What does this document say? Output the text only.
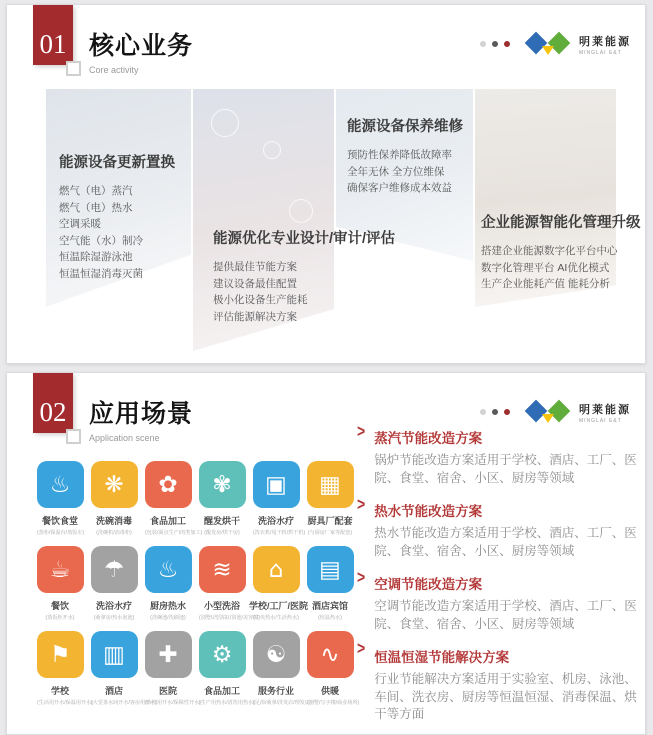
01 核心业务
Core activity
明莱能源
MINGLAI E&T
能源设备更新置换
燃气（电）蒸汽
燃气（电）热水
空调采暖
空气能（水）制冷
恒温除湿游泳池
恒温恒湿消毒灭菌
能源优化专业设计/审计/评估
提供最佳节能方案
建议设备最佳配置
极小化设备生产能耗
评估能源解决方案
能源设备保养维修
预防性保养降低故障率
全年无休 全方位维保
确保客户维修成本效益
企业能源智能化管理升级
搭建企业能源数字化平台中心
数字化管理平台 AI优化模式
生产企业能耗产值 能耗分析
02 应用场景
Application scene
明莱能源
MINGLAI E&T
♨
餐饮食堂
(蒸柜/保温台/蒸饭车)
❋
洗碗消毒
(洗碗机/消毒柜)
✿
食品加工
(包装/面点生产/肉类加工)
✾
醒发烘干
(醒发房/烘干房)
▣
洗浴水疗
(洗衣机/甩干机/烘干机)
▦
厨具厂配套
(与厨房厂家等配套)
☕
餐饮
(蒸饭柜开水)
☂
洗浴水疗
(桑拿房/热水泡池)
♨
厨房热水
(洗碗池/洗刷池)
≋
小型洗浴
(别墅U型浴缸/浴池/美容院)
⌂
学校/工厂/医院
(中央热水/生活热水)
▤
酒店宾馆
(恒温热水)
⚑
学校
(生活用开水/保温用开水)
▥
酒店
(大堂茶水间开水/客房用开水)
✚
医院
(诊疗用开水/保障性开水)
⚙
食品加工
(生产用热水/清洗用热水)
☯
服务行业
(足浴/桑拿/洗发店/理发店)
∿
供暖
(别墅/写字楼/商业场所)
> 蒸汽节能改造方案

锅炉节能改造方案适用于学校、酒店、工厂、医院、食堂、宿舍、小区、厨房等领域

> 热水节能改造方案

热水节能改造方案适用于学校、酒店、工厂、医院、食堂、宿舍、小区、厨房等领域

> 空调节能改造方案

空调节能改造方案适用于学校、酒店、工厂、医院、食堂、宿舍、小区、厨房等领域

> 恒温恒湿节能解决方案

行业节能解决方案适用于实验室、机房、泳池、车间、洗衣房、厨房等恒温恒湿、消毒保温、烘干等方面
